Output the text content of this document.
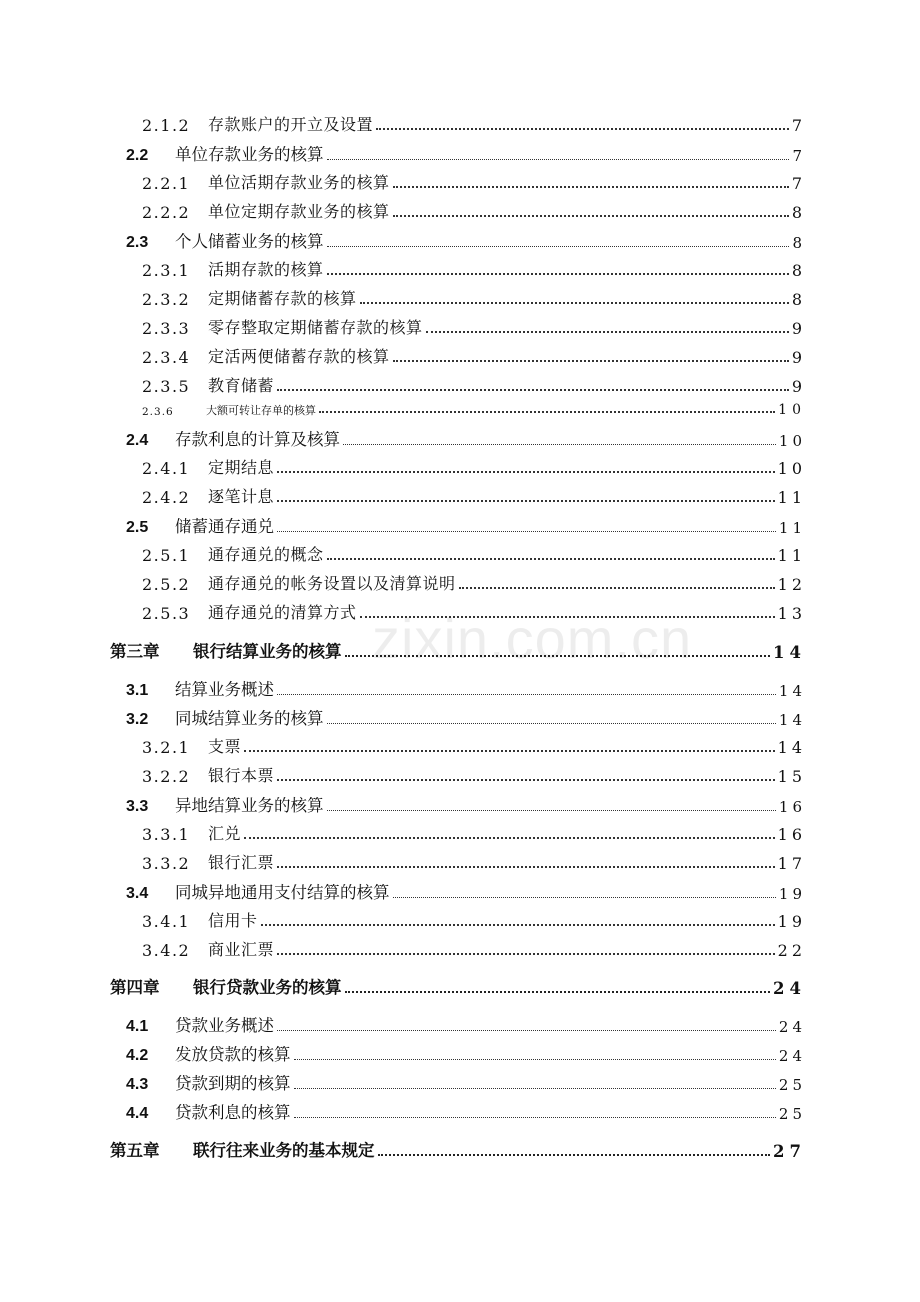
2.1.2	存款账户的开立及设置	7
2.2	单位存款业务的核算	7
2.2.1	单位活期存款业务的核算	7
2.2.2	单位定期存款业务的核算	8
2.3	个人储蓄业务的核算	8
2.3.1	活期存款的核算	8
2.3.2	定期储蓄存款的核算	8
2.3.3	零存整取定期储蓄存款的核算	9
2.3.4	定活两便储蓄存款的核算	9
2.3.5	教育储蓄	9
2.3.6	大额可转让存单的核算	10
2.4	存款利息的计算及核算	10
2.4.1	定期结息	10
2.4.2	逐笔计息	11
2.5	储蓄通存通兑	11
2.5.1	通存通兑的概念	11
2.5.2	通存通兑的帐务设置以及清算说明	12
2.5.3	通存通兑的清算方式	13
第三章	银行结算业务的核算	14
3.1	结算业务概述	14
3.2	同城结算业务的核算	14
3.2.1	支票	14
3.2.2	银行本票	15
3.3	异地结算业务的核算	16
3.3.1	汇兑	16
3.3.2	银行汇票	17
3.4	同城异地通用支付结算的核算	19
3.4.1	信用卡	19
3.4.2	商业汇票	22
第四章	银行贷款业务的核算	24
4.1	贷款业务概述	24
4.2	发放贷款的核算	24
4.3	贷款到期的核算	25
4.4	贷款利息的核算	25
第五章	联行往来业务的基本规定	27
zixin.com.cn
